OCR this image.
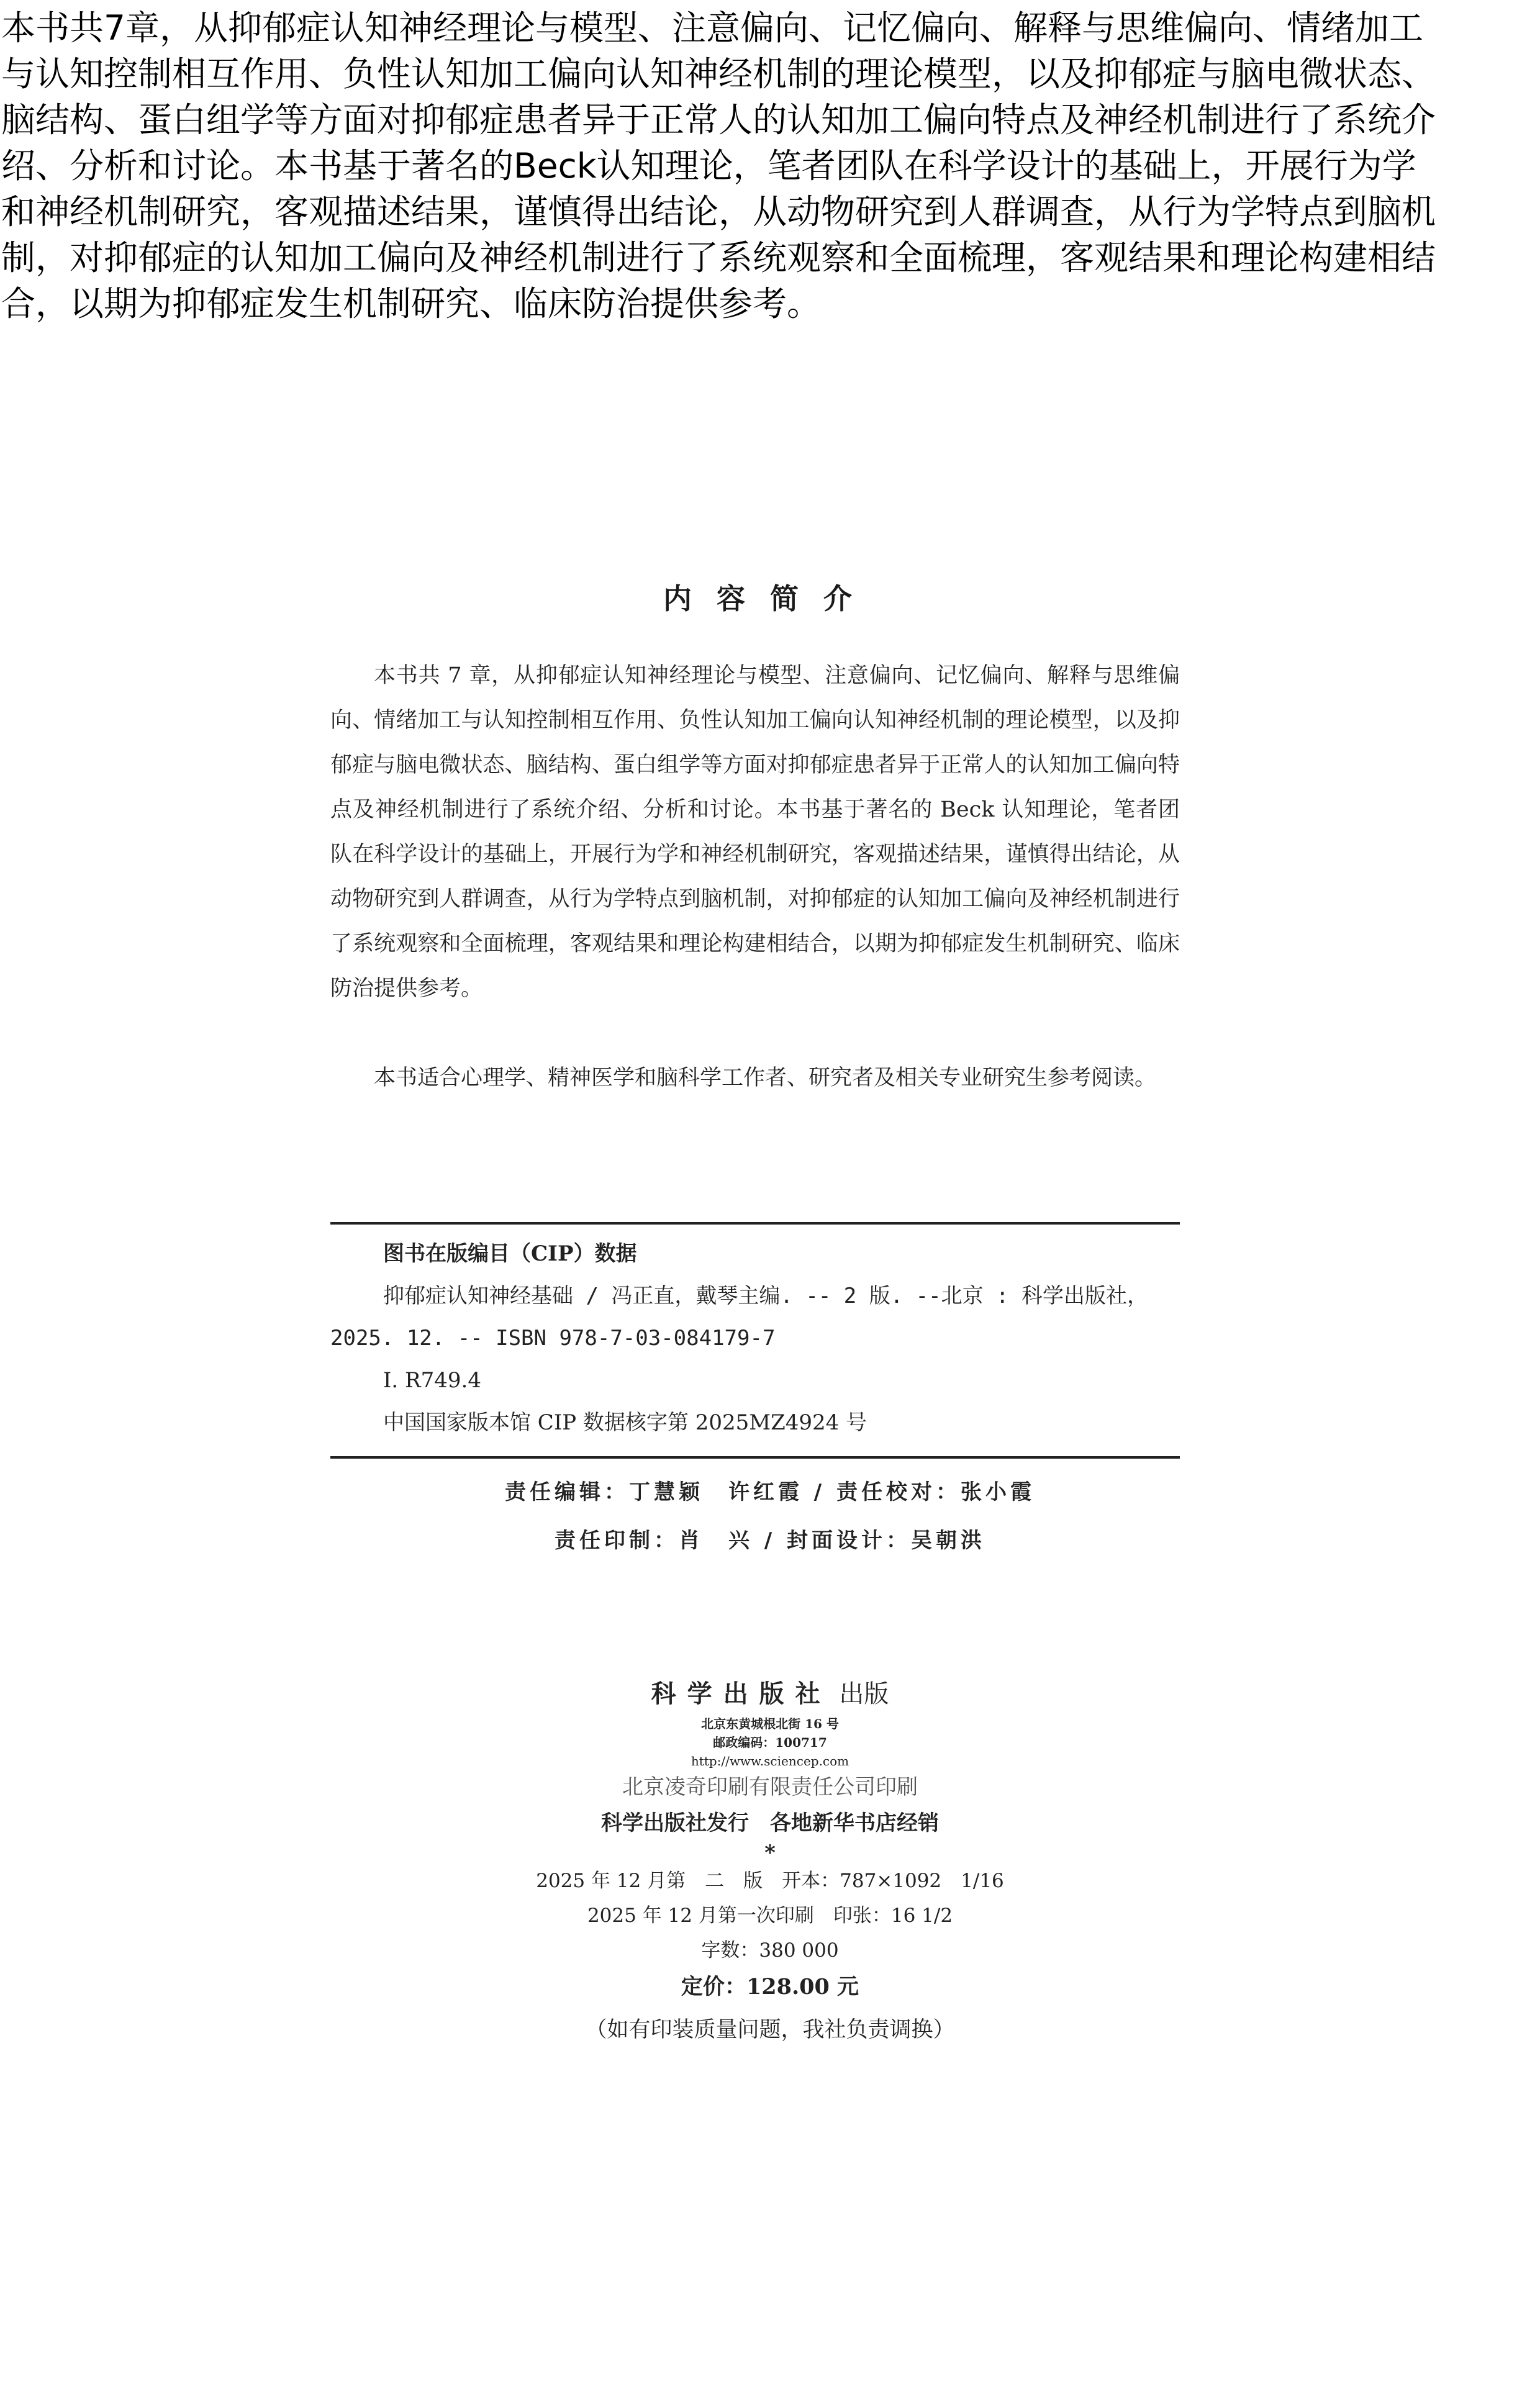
本书共7章，从抑郁症认知神经理论与模型、注意偏向、记忆偏向、解释与思维偏向、情绪加工与认知控制相互作用、负性认知加工偏向认知神经机制的理论模型，以及抑郁症与脑电微状态、脑结构、蛋白组学等方面对抑郁症患者异于正常人的认知加工偏向特点及神经机制进行了系统介绍、分析和讨论。本书基于著名的Beck认知理论，笔者团队在科学设计的基础上，开展行为学和神经机制研究，客观描述结果，谨慎得出结论，从动物研究到人群调查，从行为学特点到脑机制，对抑郁症的认知加工偏向及神经机制进行了系统观察和全面梳理，客观结果和理论构建相结合，以期为抑郁症发生机制研究、临床防治提供参考。

内容简介

本书共 7 章，从抑郁症认知神经理论与模型、注意偏向、记忆偏向、解释与思维偏向、情绪加工与认知控制相互作用、负性认知加工偏向认知神经机制的理论模型，以及抑郁症与脑电微状态、脑结构、蛋白组学等方面对抑郁症患者异于正常人的认知加工偏向特点及神经机制进行了系统介绍、分析和讨论。本书基于著名的 Beck 认知理论，笔者团队在科学设计的基础上，开展行为学和神经机制研究，客观描述结果，谨慎得出结论，从动物研究到人群调查，从行为学特点到脑机制，对抑郁症的认知加工偏向及神经机制进行了系统观察和全面梳理，客观结果和理论构建相结合，以期为抑郁症发生机制研究、临床防治提供参考。

本书适合心理学、精神医学和脑科学工作者、研究者及相关专业研究生参考阅读。

图书在版编目（CIP）数据

抑郁症认知神经基础 / 冯正直，戴琴主编. -- 2 版. --北京 : 科学出版社，2025. 12. -- ISBN 978-7-03-084179-7

Ⅰ. R749.4

中国国家版本馆 CIP 数据核字第 2025MZ4924 号

责任编辑：丁慧颖　许红霞 / 责任校对：张小霞
责任印制：肖　兴 / 封面设计：吴朝洪

科学出版社 出版

北京东黄城根北街 16 号

邮政编码：100717

http://www.sciencep.com

北京凌奇印刷有限责任公司印刷

科学出版社发行　各地新华书店经销

*

2025 年 12 月第　二　版　开本：787×1092　1/16

2025 年 12 月第一次印刷　印张：16 1/2

字数：380 000

定价：128.00 元

（如有印装质量问题，我社负责调换）
